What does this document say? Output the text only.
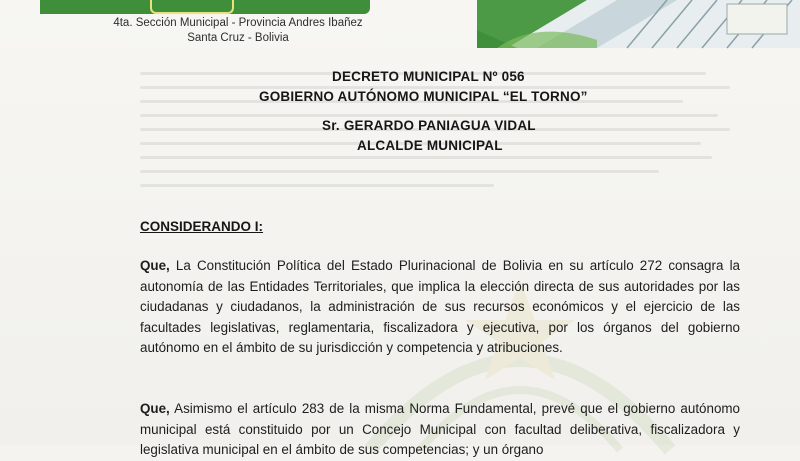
4ta. Sección Municipal - Provincia Andres Ibañez
Santa Cruz - Bolivia
DECRETO MUNICIPAL Nº 056
GOBIERNO AUTÓNOMO MUNICIPAL “EL TORNO”
Sr. GERARDO PANIAGUA VIDAL
ALCALDE MUNICIPAL
CONSIDERANDO I:
Que, La Constitución Política del Estado Plurinacional de Bolivia en su artículo 272 consagra la autonomía de las Entidades Territoriales, que implica la elección directa de sus autoridades por las ciudadanas y ciudadanos, la administración de sus recursos económicos y el ejercicio de las facultades legislativas, reglamentaria, fiscalizadora y ejecutiva, por los órganos del gobierno autónomo en el ámbito de su jurisdicción y competencia y atribuciones.
Que, Asimismo el artículo 283 de la misma Norma Fundamental, prevé que el gobierno autónomo municipal está constituido por un Concejo Municipal con facultad deliberativa, fiscalizadora y legislativa municipal en el ámbito de sus competencias; y un órgano
